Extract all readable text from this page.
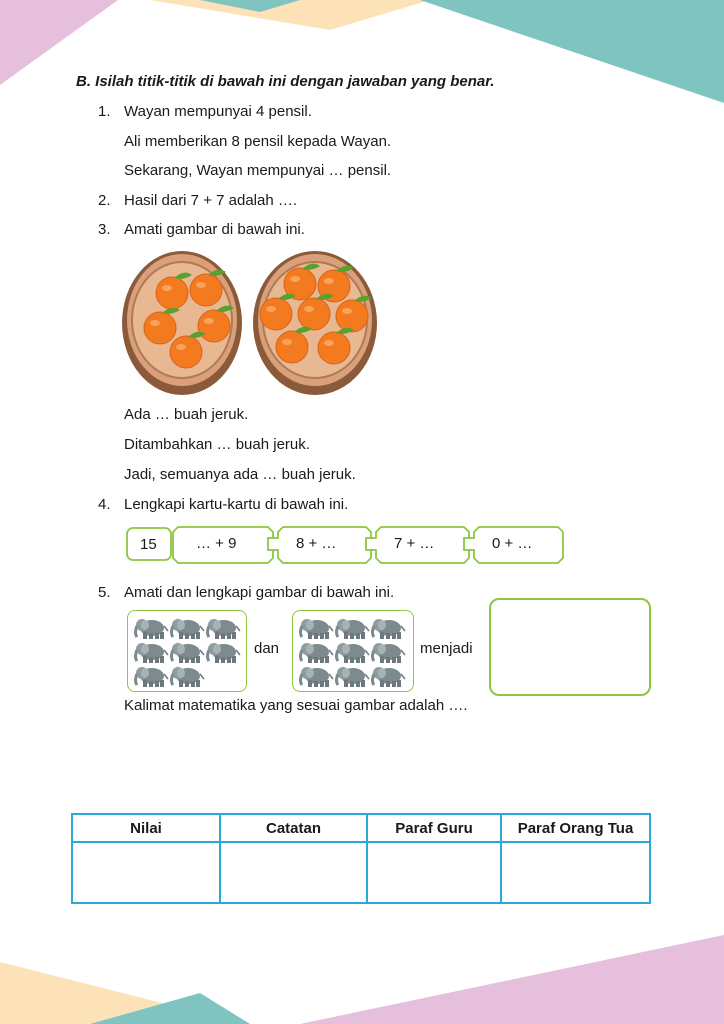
B. Isilah titik-titik di bawah ini dengan jawaban yang benar.
1. Wayan mempunyai 4 pensil.
Ali memberikan 8 pensil kepada Wayan.
Sekarang, Wayan mempunyai … pensil.
2. Hasil dari 7 + 7 adalah ….
3. Amati gambar di bawah ini.
Ada … buah jeruk.
Ditambahkan … buah jeruk.
Jadi, semuanya ada … buah jeruk.
4. Lengkapi kartu-kartu di bawah ini.
15	… + 9	8 + …	7 + …	0 + …
5. Amati dan lengkapi gambar di bawah ini.
dan	menjadi
Kalimat matematika yang sesuai gambar adalah ….
Nilai	Catatan	Paraf Guru	Paraf Orang Tua
